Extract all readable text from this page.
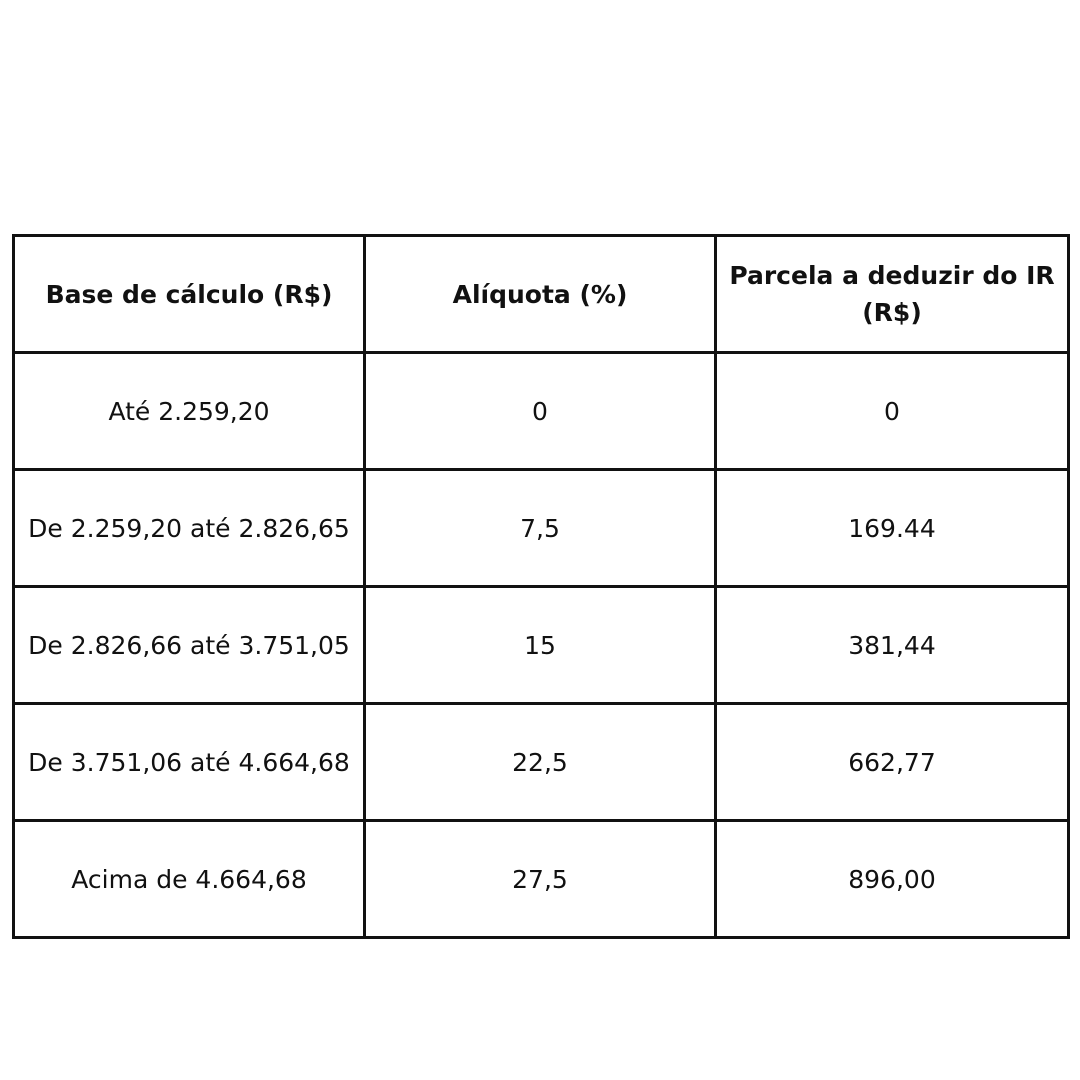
Base de cálculo (R$)	Alíquota (%)	Parcela a deduzir do IR (R$)
Até 2.259,20	0	0
De 2.259,20 até 2.826,65	7,5	169.44
De 2.826,66 até 3.751,05	15	381,44
De 3.751,06 até 4.664,68	22,5	662,77
Acima de 4.664,68	27,5	896,00
